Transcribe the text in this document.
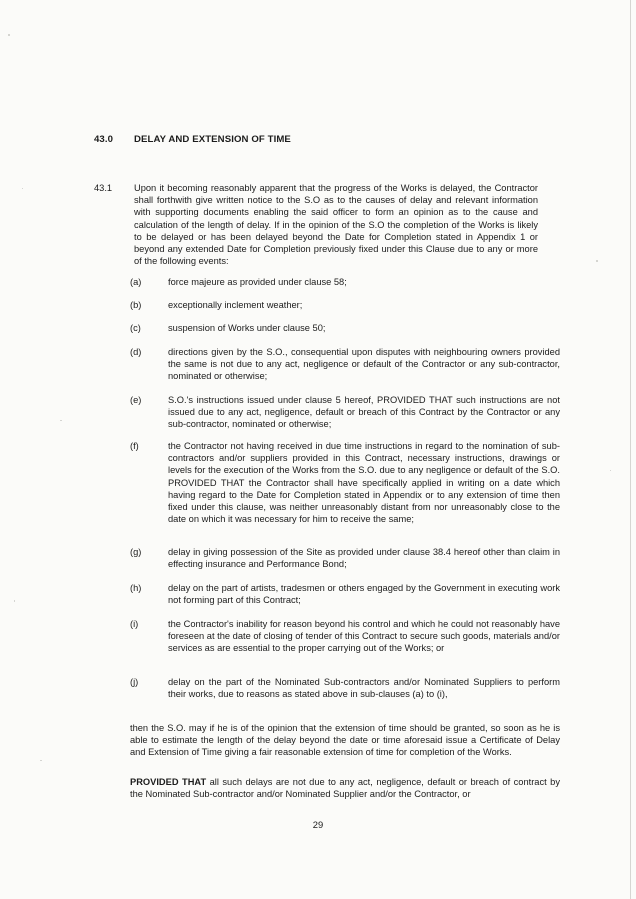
43.0 DELAY AND EXTENSION OF TIME
43.1 Upon it becoming reasonably apparent that the progress of the Works is delayed, the Contractor shall forthwith give written notice to the S.O as to the causes of delay and relevant information with supporting documents enabling the said officer to form an opinion as to the cause and calculation of the length of delay. If in the opinion of the S.O the completion of the Works is likely to be delayed or has been delayed beyond the Date for Completion stated in Appendix 1 or beyond any extended Date for Completion previously fixed under this Clause due to any or more of the following events:
(a)	force majeure as provided under clause 58;
(b)	exceptionally inclement weather;
(c)	suspension of Works under clause 50;
(d)	directions given by the S.O., consequential upon disputes with neighbouring owners provided the same is not due to any act, negligence or default of the Contractor or any sub-contractor, nominated or otherwise;
(e)	S.O.'s instructions issued under clause 5 hereof, PROVIDED THAT such instructions are not issued due to any act, negligence, default or breach of this Contract by the Contractor or any sub-contractor, nominated or otherwise;
(f)	the Contractor not having received in due time instructions in regard to the nomination of sub-contractors and/or suppliers provided in this Contract, necessary instructions, drawings or levels for the execution of the Works from the S.O. due to any negligence or default of the S.O. PROVIDED THAT the Contractor shall have specifically applied in writing on a date which having regard to the Date for Completion stated in Appendix or to any extension of time then fixed under this clause, was neither unreasonably distant from nor unreasonably close to the date on which it was necessary for him to receive the same;
(g)	delay in giving possession of the Site as provided under clause 38.4 hereof other than claim in effecting insurance and Performance Bond;
(h)	delay on the part of artists, tradesmen or others engaged by the Government in executing work not forming part of this Contract;
(i)	the Contractor's inability for reason beyond his control and which he could not reasonably have foreseen at the date of closing of tender of this Contract to secure such goods, materials and/or services as are essential to the proper carrying out of the Works; or
(j)	delay on the part of the Nominated Sub-contractors and/or Nominated Suppliers to perform their works, due to reasons as stated above in sub-clauses (a) to (i),
then the S.O. may if he is of the opinion that the extension of time should be granted, so soon as he is able to estimate the length of the delay beyond the date or time aforesaid issue a Certificate of Delay and Extension of Time giving a fair reasonable extension of time for completion of the Works.
PROVIDED THAT all such delays are not due to any act, negligence, default or breach of contract by the Nominated Sub-contractor and/or Nominated Supplier and/or the Contractor, or
29
